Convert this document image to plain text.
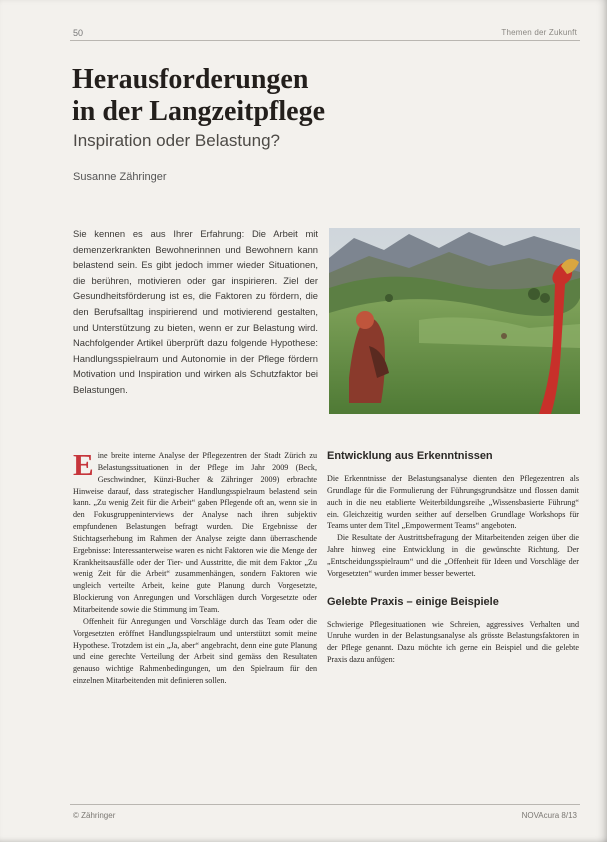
50	Themen der Zukunft
Herausforderungen
in der Langzeitpflege
Inspiration oder Belastung?
Susanne Zähringer
Sie kennen es aus Ihrer Erfahrung: Die Arbeit mit demenzerkrankten Bewohnerinnen und Bewohnern kann belastend sein. Es gibt jedoch immer wieder Situationen, die berühren, motivieren oder gar inspirieren. Ziel der Gesundheitsförderung ist es, die Faktoren zu fördern, die den Berufsalltag inspirierend und motivierend gestalten, und Unterstützung zu bieten, wenn er zur Belastung wird. Nachfolgender Artikel überprüft dazu folgende Hypothese: Handlungsspielraum und Autonomie in der Pflege fördern Motivation und Inspiration und wirken als Schutzfaktor bei Belastungen.

Eine breite interne Analyse der Pflegezentren der Stadt Zürich zu Belastungssituationen in der Pflege im Jahr 2009 (Beck, Geschwindner, Künzi-Bucher & Zähringer 2009) erbrachte Hinweise darauf, dass strategischer Handlungsspielraum belastend sein kann. „Zu wenig Zeit für die Arbeit“ gaben Pflegende oft an, wenn sie in den Fokusgruppeninterviews der Analyse nach ihren subjektiv empfundenen Belastungen befragt wurden. Die Ergebnisse der Stichtagserhebung im Rahmen der Analyse zeigte dann überraschende Ergebnisse: Interessanterweise waren es nicht Faktoren wie die Menge der Krankheitsausfälle oder der Tier- und Ausstritte, die mit dem Faktor „Zu wenig Zeit für die Arbeit“ zusammenhängen, sondern Faktoren wie ungleich verteilte Arbeit, keine gute Planung durch Vorgesetzte, Blockierung von Anregungen und Vorschlägen durch Vorgesetzte oder Mitarbeitende sowie die Stimmung im Team.

Offenheit für Anregungen und Vorschläge durch das Team oder die Vorgesetzten eröffnet Handlungsspielraum und unterstützt somit meine Hypothese. Trotzdem ist ein „Ja, aber“ angebracht, denn eine gute Planung und eine gerechte Verteilung der Arbeit sind gemäss den Resultaten genauso wichtige Rahmenbedingungen, um den Spielraum für den einzelnen Mitarbeitenden mit definieren sollen.

Entwicklung aus Erkenntnissen

Die Erkenntnisse der Belastungsanalyse dienten den Pflegezentren als Grundlage für die Formulierung der Führungsgrundsätze und flossen damit auch in die neu etablierte Weiterbildungsreihe „Wissensbasierte Führung“ ein. Gleichzeitig wurden seither auf derselben Grundlage Workshops für Teams unter dem Titel „Empowerment Teams“ angeboten.

Die Resultate der Austrittsbefragung der Mitarbeitenden zeigen über die Jahre hinweg eine Entwicklung in die gewünschte Richtung. Der „Entscheidungsspielraum“ und die „Offenheit für Ideen und Vorschläge der Vorgesetzten“ wurden immer besser bewertet.

Gelebte Praxis – einige Beispiele

Schwierige Pflegesituationen wie Schreien, aggressives Verhalten und Unruhe wurden in der Belastungsanalyse als grösste Belastungsfaktoren in der Pflege genannt. Dazu möchte ich gerne ein Beispiel und die gelebte Praxis dazu anfügen:

© Zähringer	NOVAcura 8/13
